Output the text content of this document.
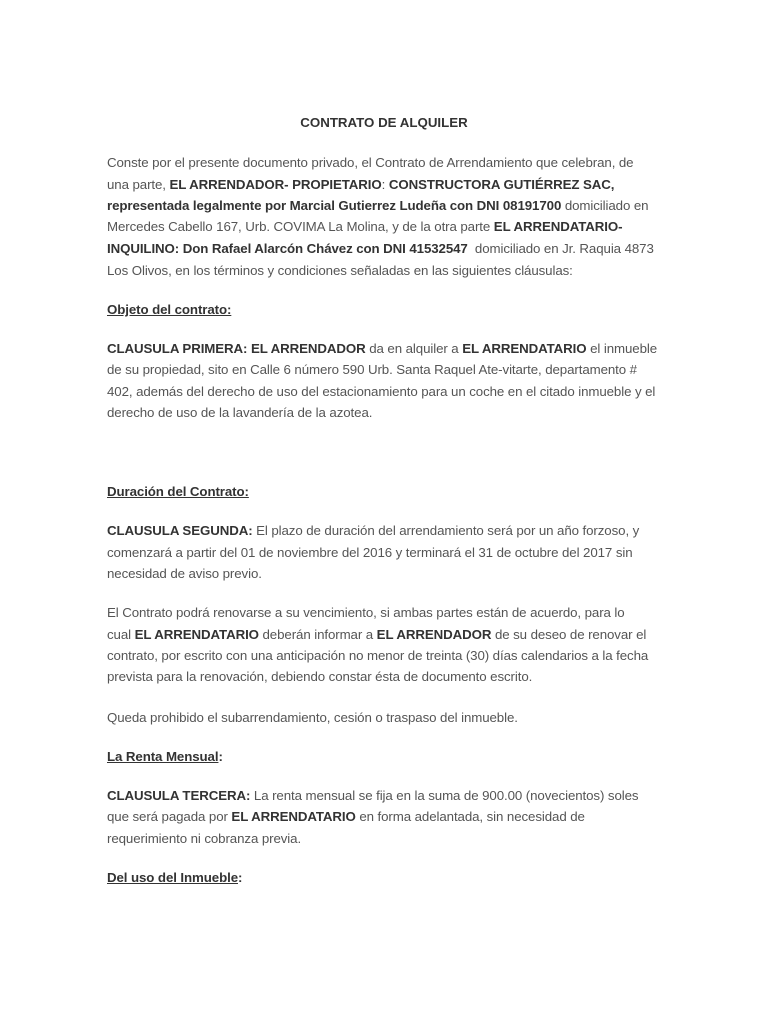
CONTRATO DE ALQUILER

Conste por el presente documento privado, el Contrato de Arrendamiento que celebran, de

una parte, EL ARRENDADOR- PROPIETARIO: CONSTRUCTORA GUTIÉRREZ SAC,

representada legalmente por Marcial Gutierrez Ludeña con DNI 08191700 domiciliado en

Mercedes Cabello 167, Urb. COVIMA La Molina, y de la otra parte EL ARRENDATARIO-

INQUILINO: Don Rafael Alarcón Chávez con DNI 41532547  domiciliado en Jr. Raquia 4873

Los Olivos, en los términos y condiciones señaladas en las siguientes cláusulas:

Objeto del contrato:

CLAUSULA PRIMERA: EL ARRENDADOR da en alquiler a EL ARRENDATARIO el inmueble

de su propiedad, sito en Calle 6 número 590 Urb. Santa Raquel Ate-vitarte, departamento #

402, además del derecho de uso del estacionamiento para un coche en el citado inmueble y el

derecho de uso de la lavandería de la azotea.

Duración del Contrato:

CLAUSULA SEGUNDA: El plazo de duración del arrendamiento será por un año forzoso, y

comenzará a partir del 01 de noviembre del 2016 y terminará el 31 de octubre del 2017 sin

necesidad de aviso previo.

El Contrato podrá renovarse a su vencimiento, si ambas partes están de acuerdo, para lo

cual EL ARRENDATARIO deberán informar a EL ARRENDADOR de su deseo de renovar el

contrato, por escrito con una anticipación no menor de treinta (30) días calendarios a la fecha

prevista para la renovación, debiendo constar ésta de documento escrito.

Queda prohibido el subarrendamiento, cesión o traspaso del inmueble.

La Renta Mensual:

CLAUSULA TERCERA: La renta mensual se fija en la suma de 900.00 (novecientos) soles

que será pagada por EL ARRENDATARIO en forma adelantada, sin necesidad de

requerimiento ni cobranza previa.

Del uso del Inmueble:
